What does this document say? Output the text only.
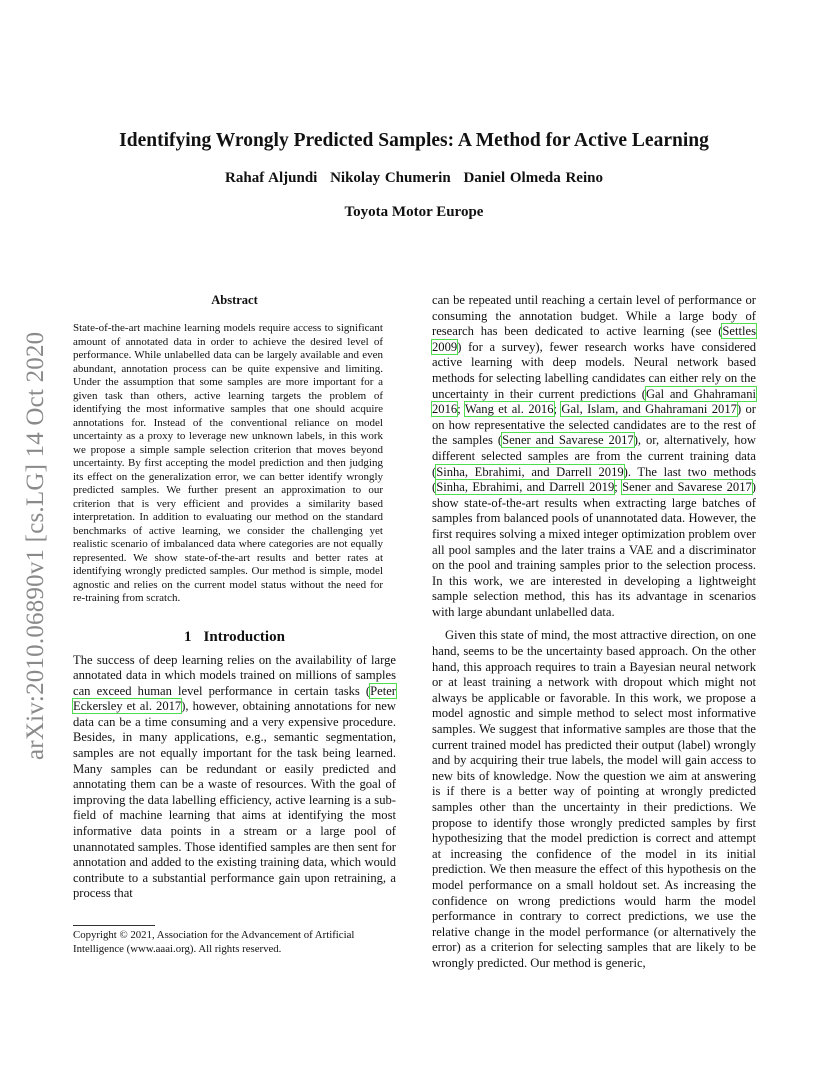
arXiv:2010.06890v1 [cs.LG] 14 Oct 2020
Identifying Wrongly Predicted Samples: A Method for Active Learning
Rahaf Aljundi Nikolay Chumerin Daniel Olmeda Reino
Toyota Motor Europe
Abstract

State-of-the-art machine learning models require access to significant amount of annotated data in order to achieve the desired level of performance. While unlabelled data can be largely available and even abundant, annotation process can be quite expensive and limiting. Under the assumption that some samples are more important for a given task than others, active learning targets the problem of identifying the most informative samples that one should acquire annotations for. Instead of the conventional reliance on model uncertainty as a proxy to leverage new unknown labels, in this work we propose a simple sample selection criterion that moves beyond uncertainty. By first accepting the model prediction and then judging its effect on the generalization error, we can better identify wrongly predicted samples. We further present an approximation to our criterion that is very efficient and provides a similarity based interpretation. In addition to evaluating our method on the standard benchmarks of active learning, we consider the challenging yet realistic scenario of imbalanced data where categories are not equally represented. We show state-of-the-art results and better rates at identifying wrongly predicted samples. Our method is simple, model agnostic and relies on the current model status without the need for re-training from scratch.

1 Introduction

The success of deep learning relies on the availability of large annotated data in which models trained on millions of samples can exceed human level performance in certain tasks (Peter Eckersley et al. 2017), however, obtaining annotations for new data can be a time consuming and a very expensive procedure. Besides, in many applications, e.g., semantic segmentation, samples are not equally important for the task being learned. Many samples can be redundant or easily predicted and annotating them can be a waste of resources. With the goal of improving the data labelling efficiency, active learning is a sub-field of machine learning that aims at identifying the most informative data points in a stream or a large pool of unannotated samples. Those identified samples are then sent for annotation and added to the existing training data, which would contribute to a substantial performance gain upon retraining, a process that

can be repeated until reaching a certain level of performance or consuming the annotation budget. While a large body of research has been dedicated to active learning (see (Settles 2009) for a survey), fewer research works have considered active learning with deep models. Neural network based methods for selecting labelling candidates can either rely on the uncertainty in their current predictions (Gal and Ghahramani 2016; Wang et al. 2016; Gal, Islam, and Ghahramani 2017) or on how representative the selected candidates are to the rest of the samples (Sener and Savarese 2017), or, alternatively, how different selected samples are from the current training data (Sinha, Ebrahimi, and Darrell 2019). The last two methods (Sinha, Ebrahimi, and Darrell 2019; Sener and Savarese 2017) show state-of-the-art results when extracting large batches of samples from balanced pools of unannotated data. However, the first requires solving a mixed integer optimization problem over all pool samples and the later trains a VAE and a discriminator on the pool and training samples prior to the selection process. In this work, we are interested in developing a lightweight sample selection method, this has its advantage in scenarios with large abundant unlabelled data.

Given this state of mind, the most attractive direction, on one hand, seems to be the uncertainty based approach. On the other hand, this approach requires to train a Bayesian neural network or at least training a network with dropout which might not always be applicable or favorable. In this work, we propose a model agnostic and simple method to select most informative samples. We suggest that informative samples are those that the current trained model has predicted their output (label) wrongly and by acquiring their true labels, the model will gain access to new bits of knowledge. Now the question we aim at answering is if there is a better way of pointing at wrongly predicted samples other than the uncertainty in their predictions. We propose to identify those wrongly predicted samples by first hypothesizing that the model prediction is correct and attempt at increasing the confidence of the model in its initial prediction. We then measure the effect of this hypothesis on the model performance on a small holdout set. As increasing the confidence on wrong predictions would harm the model performance in contrary to correct predictions, we use the relative change in the model performance (or alternatively the error) as a criterion for selecting samples that are likely to be wrongly predicted. Our method is generic,

Copyright © 2021, Association for the Advancement of Artificial Intelligence (www.aaai.org). All rights reserved.
